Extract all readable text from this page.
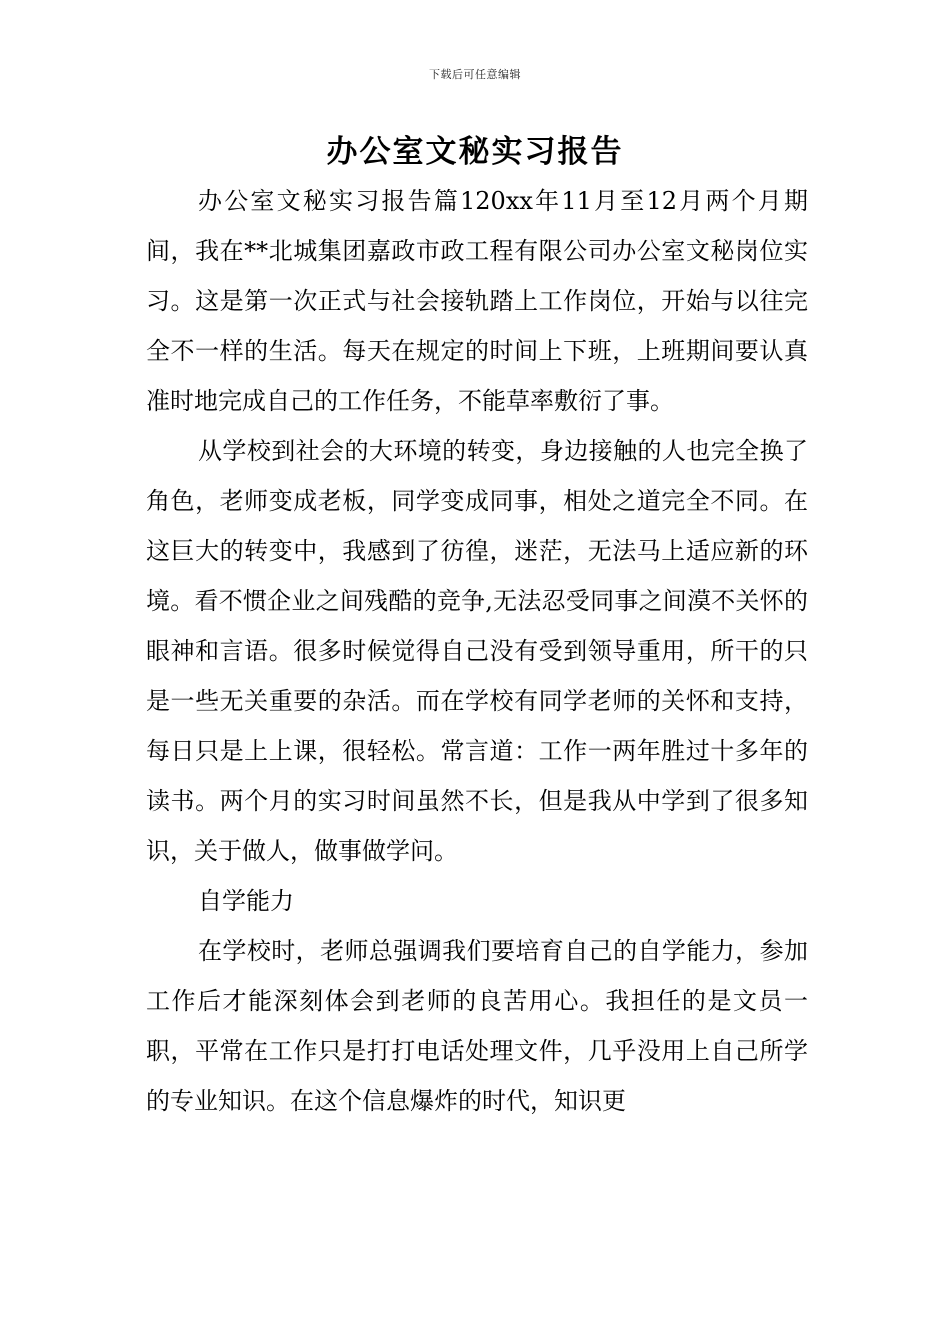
下载后可任意编辑
办公室文秘实习报告

办公室文秘实习报告篇120xx年11月至12月两个月期间，我在**北城集团嘉政市政工程有限公司办公室文秘岗位实习。这是第一次正式与社会接轨踏上工作岗位，开始与以往完全不一样的生活。每天在规定的时间上下班，上班期间要认真准时地完成自己的工作任务，不能草率敷衍了事。

从学校到社会的大环境的转变，身边接触的人也完全换了角色，老师变成老板，同学变成同事，相处之道完全不同。在这巨大的转变中，我感到了彷徨，迷茫，无法马上适应新的环境。看不惯企业之间残酷的竞争,无法忍受同事之间漠不关怀的眼神和言语。很多时候觉得自己没有受到领导重用，所干的只是一些无关重要的杂活。而在学校有同学老师的关怀和支持，每日只是上上课，很轻松。常言道：工作一两年胜过十多年的读书。两个月的实习时间虽然不长，但是我从中学到了很多知识，关于做人，做事做学问。

自学能力

在学校时，老师总强调我们要培育自己的自学能力，参加工作后才能深刻体会到老师的良苦用心。我担任的是文员一职，平常在工作只是打打电话处理文件，几乎没用上自己所学的专业知识。在这个信息爆炸的时代，知识更
